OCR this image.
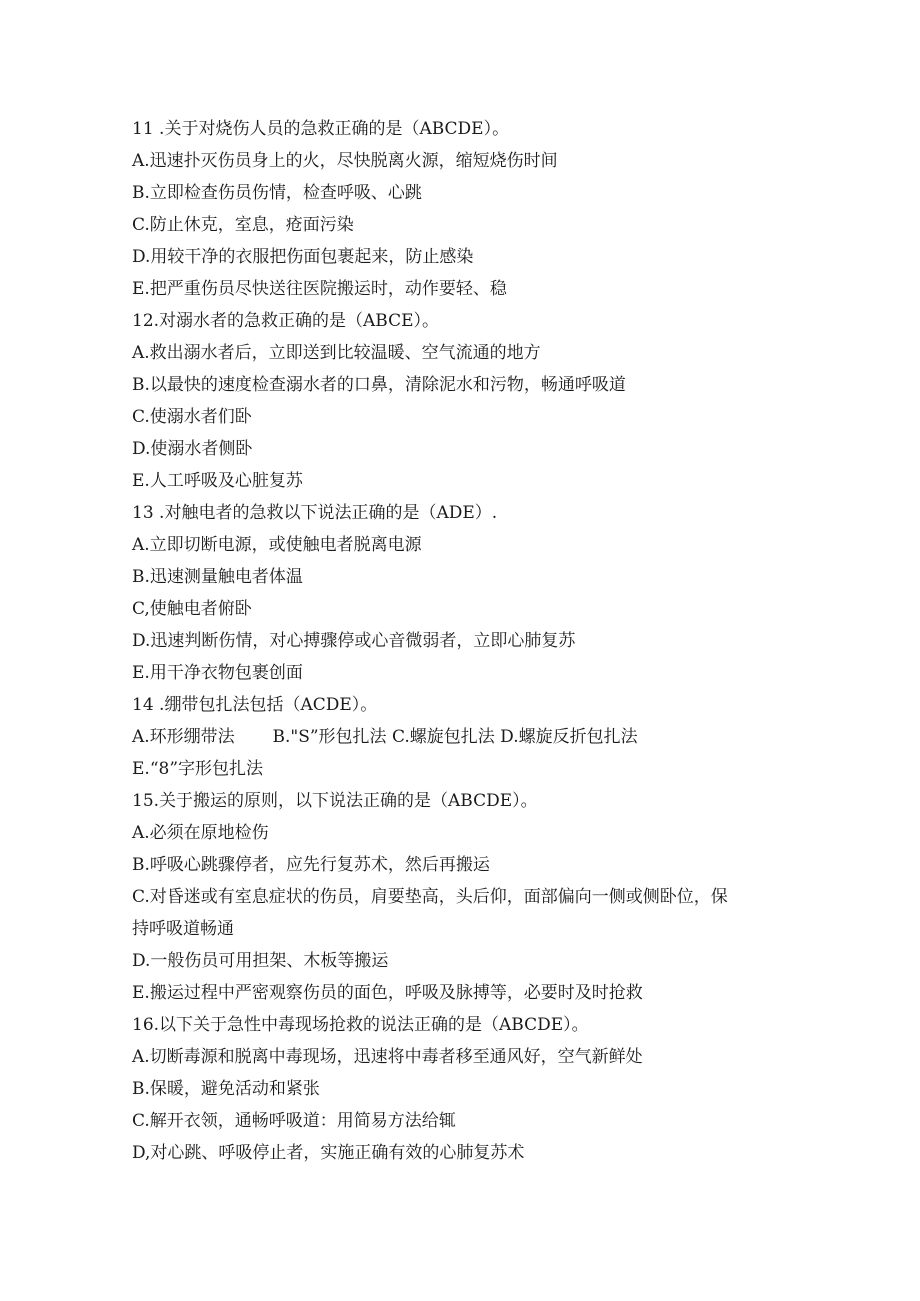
11 .关于对烧伤人员的急救正确的是（ABCDE）。
A.迅速扑灭伤员身上的火，尽快脱离火源，缩短烧伤时间
B.立即检查伤员伤情，检查呼吸、心跳
C.防止休克，室息，疮面污染
D.用较干净的衣服把伤面包裹起来，防止感染
E.把严重伤员尽快送往医院搬运时，动作要轻、稳
12.对溺水者的急救正确的是（ABCE）。
A.救出溺水者后，立即送到比较温暖、空气流通的地方
B.以最快的速度检查溺水者的口鼻，清除泥水和污物，畅通呼吸道
C.使溺水者们卧
D.使溺水者侧卧
E.人工呼吸及心脏复苏
13 .对触电者的急救以下说法正确的是（ADE）.
A.立即切断电源，或使触电者脱离电源
B.迅速测量触电者体温
C,使触电者俯卧
D.迅速判断伤情，对心搏骤停或心音微弱者，立即心肺复苏
E.用干净衣物包裹创面
14 .绷带包扎法包括（ACDE）。
A.环形绷带法       B."S”形包扎法 C.螺旋包扎法 D.螺旋反折包扎法
E.“8”字形包扎法
15.关于搬运的原则，以下说法正确的是（ABCDE）。
A.必须在原地检伤
B.呼吸心跳骤停者，应先行复苏术，然后再搬运
C.对昏迷或有室息症状的伤员，肩要垫高，头后仰，面部偏向一侧或侧卧位，保
持呼吸道畅通
D.一般伤员可用担架、木板等搬运
E.搬运过程中严密观察伤员的面色，呼吸及脉搏等，必要时及时抢救
16.以下关于急性中毒现场抢救的说法正确的是（ABCDE）。
A.切断毒源和脱离中毒现场，迅速将中毒者移至通风好，空气新鲜处
B.保暖，避免活动和紧张
C.解开衣领，通畅呼吸道：用简易方法给辄
D,对心跳、呼吸停止者，实施正确有效的心肺复苏术
